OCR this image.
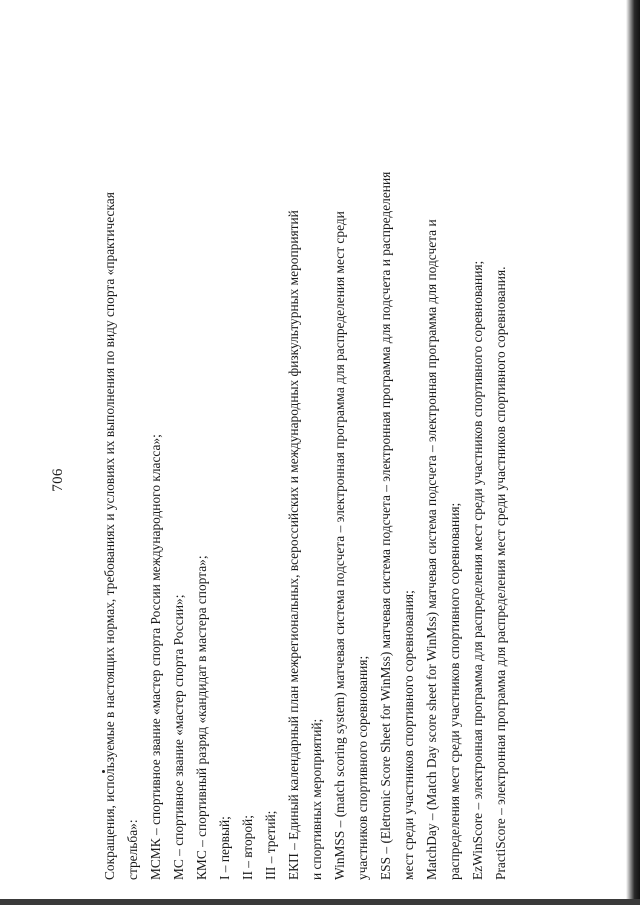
706	Сокращения, используемые в настоящих нормах, требованиях и условиях их выполнения по виду спорта «практическая стрельба»: МСМК – спортивное звание «мастер спорта России международного класса»; МС – спортивное звание «мастер спорта России»; КМС – спортивный разряд «кандидат в мастера спорта»; I – первый; II – второй; III – третий; ЕКП – Единый календарный план межрегиональных, всероссийских и международных физкультурных мероприятий и спортивных мероприятий; WinMSS – (match scoring system) матчевая система подсчета – электронная программа для распределения мест среди участников спортивного соревнования; ESS – (Eletronic Score Sheet for WinMss) матчевая система подсчета – электронная программа для подсчета и распределения мест среди участников спортивного соревнования; MatchDay – (Match Day score sheet for WinMss) матчевая система подсчета – электронная программа для подсчета и распределения мест среди участников спортивного соревнования; EzWinScore – электронная программа для распределения мест среди участников спортивного соревнования; PractiScore – электронная программа для распределения мест среди участников спортивного соревнования.
